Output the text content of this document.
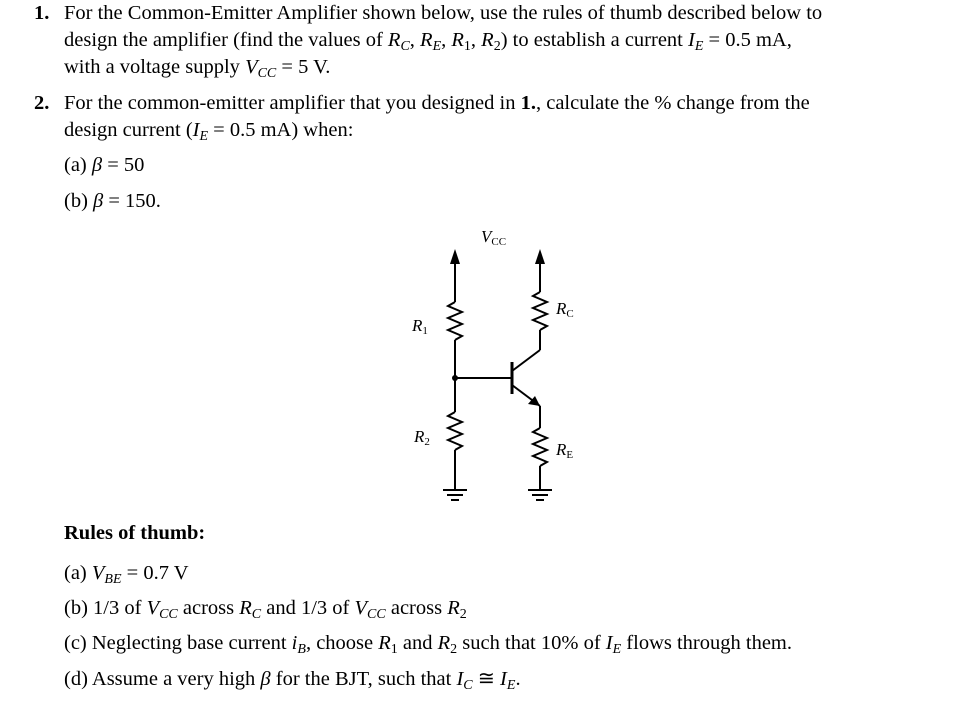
1. For the Common-Emitter Amplifier shown below, use the rules of thumb described below to
design the amplifier (find the values of $R_C$, $R_E$, $R_1$, $R_2$) to establish a current $I_E = 0.5$ mA,
with a voltage supply $V_{CC} = 5$ V.
2. For the common-emitter amplifier that you designed in 1., calculate the % change from the
design current ($I_E = 0.5$ mA) when:
(a) β = 50
(b) β = 150.
VCC
R1
R2
RC
RE
Rules of thumb:
(a) $V_{BE} = 0.7$ V
(b) 1/3 of $V_{CC}$ across $R_C$ and 1/3 of $V_{CC}$ across $R_2$
(c) Neglecting base current $i_B$, choose $R_1$ and $R_2$ such that 10% of $I_E$ flows through them.
(d) Assume a very high β for the BJT, such that $I_C$ ≅ $I_E$.
